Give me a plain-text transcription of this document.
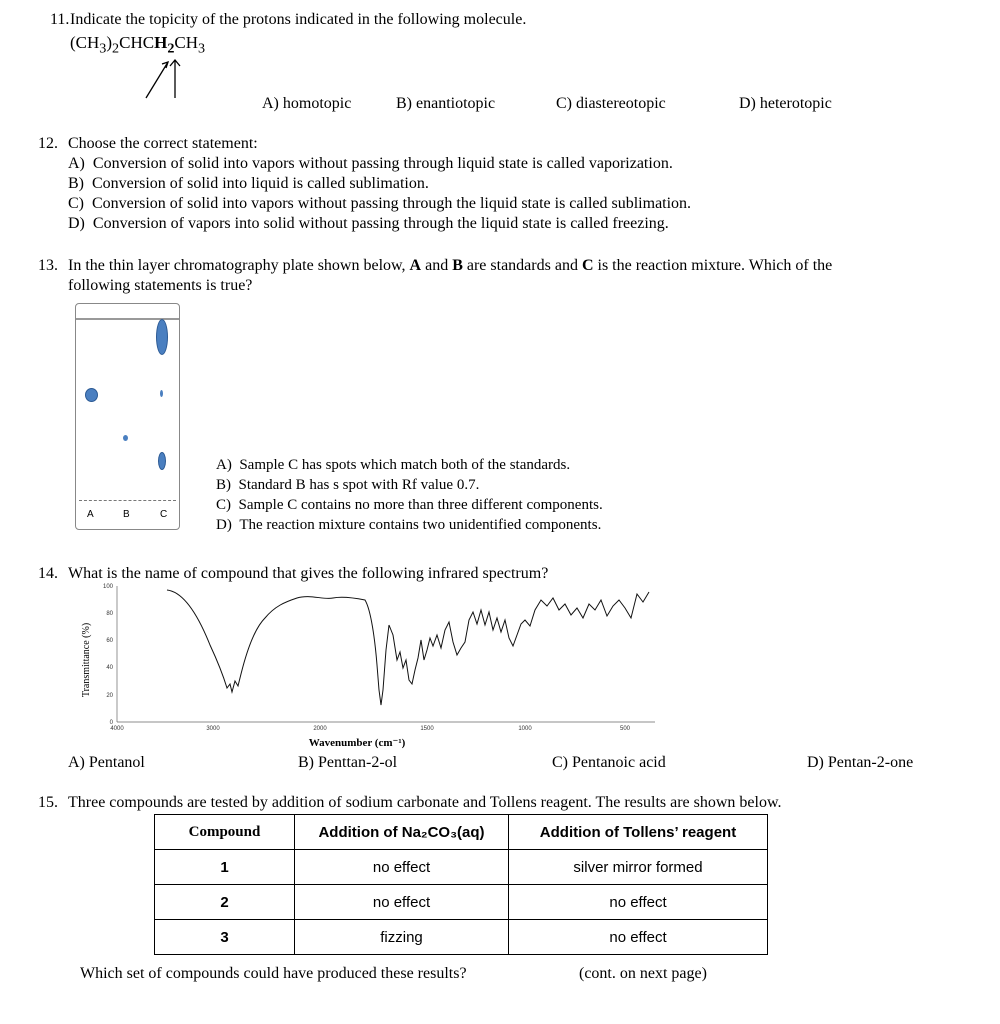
11. Indicate the topicity of the protons indicated in the following molecule.
$(CH_3)_2CHCH_2CH_3$
A) homotopic	B) enantiotopic	C) diastereotopic	D) heterotopic
12. Choose the correct statement:
A) Conversion of solid into vapors without passing through liquid state is called vaporization.
B) Conversion of solid into liquid is called sublimation.
C) Conversion of solid into vapors without passing through the liquid state is called sublimation.
D) Conversion of vapors into solid without passing through the liquid state is called freezing.
13. In the thin layer chromatography plate shown below, A and B are standards and C is the reaction mixture. Which of the
following statements is true?
A	B	C
A) Sample C has spots which match both of the standards.
B) Standard B has s spot with Rf value 0.7.
C) Sample C contains no more than three different components.
D) The reaction mixture contains two unidentified components.
14. What is the name of compound that gives the following infrared spectrum?
Transmittance (%)
100
80
60
40
20
0
4000	3000	2000	1500	1000	500
Wavenumber (cm⁻¹)
A) Pentanol	B) Penttan-2-ol	C) Pentanoic acid	D) Pentan-2-one
15. Three compounds are tested by addition of sodium carbonate and Tollens reagent. The results are shown below.
Compound	Addition of Na₂CO₃(aq)	Addition of Tollens’ reagent
1	no effect	silver mirror formed
2	no effect	no effect
3	fizzing	no effect
Which set of compounds could have produced these results?	(cont. on next page)
